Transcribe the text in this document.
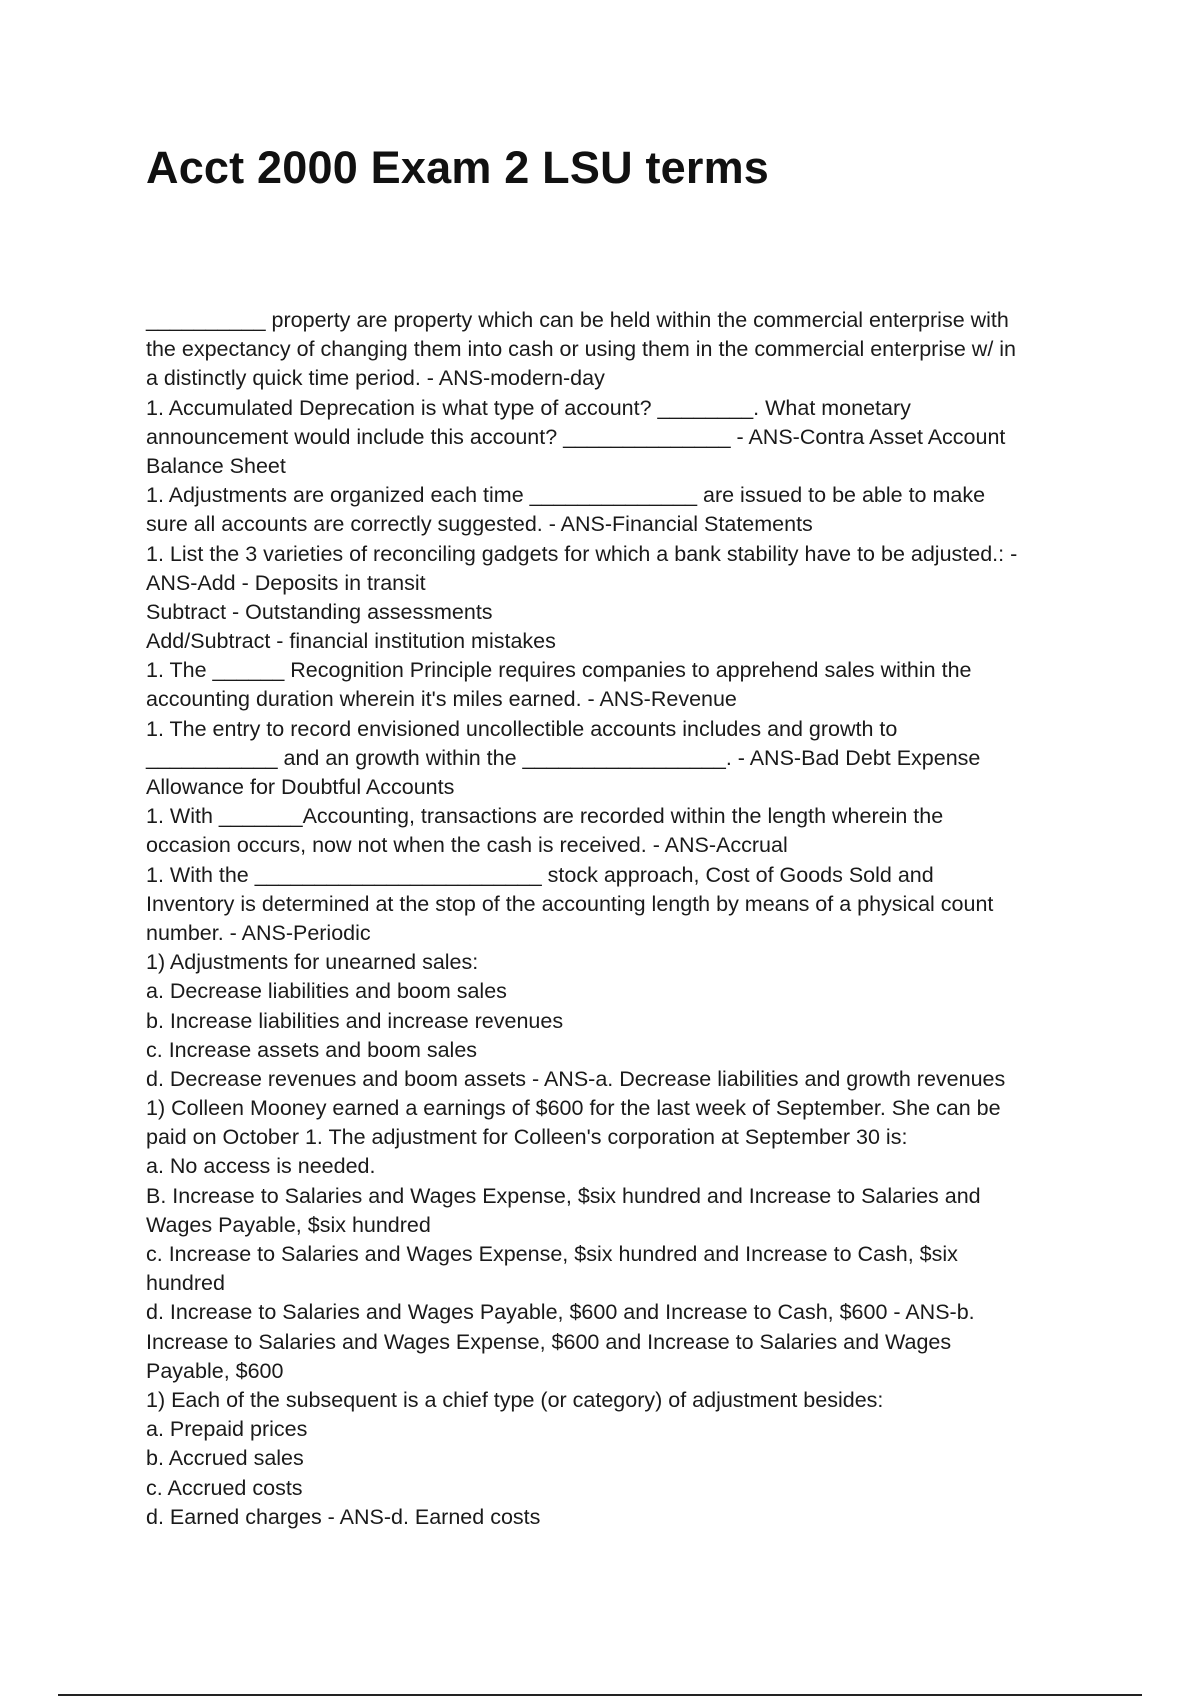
Acct 2000 Exam 2 LSU terms
__________ property are property which can be held within the commercial enterprise with
the expectancy of changing them into cash or using them in the commercial enterprise w/ in
a distinctly quick time period. - ANS-modern-day
1. Accumulated Deprecation is what type of account? ________. What monetary
announcement would include this account? ______________ - ANS-Contra Asset Account
Balance Sheet
1. Adjustments are organized each time ______________ are issued to be able to make
sure all accounts are correctly suggested. - ANS-Financial Statements
1. List the 3 varieties of reconciling gadgets for which a bank stability have to be adjusted.: -
ANS-Add - Deposits in transit
Subtract - Outstanding assessments
Add/Subtract - financial institution mistakes
1. The ______ Recognition Principle requires companies to apprehend sales within the
accounting duration wherein it's miles earned. - ANS-Revenue
1. The entry to record envisioned uncollectible accounts includes and growth to
___________ and an growth within the _________________. - ANS-Bad Debt Expense
Allowance for Doubtful Accounts
1. With _______Accounting, transactions are recorded within the length wherein the
occasion occurs, now not when the cash is received. - ANS-Accrual
1. With the ________________________ stock approach, Cost of Goods Sold and
Inventory is determined at the stop of the accounting length by means of a physical count
number. - ANS-Periodic
1) Adjustments for unearned sales:
a. Decrease liabilities and boom sales
b. Increase liabilities and increase revenues
c. Increase assets and boom sales
d. Decrease revenues and boom assets - ANS-a. Decrease liabilities and growth revenues
1) Colleen Mooney earned a earnings of $600 for the last week of September. She can be
paid on October 1. The adjustment for Colleen's corporation at September 30 is:
a. No access is needed.
B. Increase to Salaries and Wages Expense, $six hundred and Increase to Salaries and
Wages Payable, $six hundred
c. Increase to Salaries and Wages Expense, $six hundred and Increase to Cash, $six
hundred
d. Increase to Salaries and Wages Payable, $600 and Increase to Cash, $600 - ANS-b.
Increase to Salaries and Wages Expense, $600 and Increase to Salaries and Wages
Payable, $600
1) Each of the subsequent is a chief type (or category) of adjustment besides:
a. Prepaid prices
b. Accrued sales
c. Accrued costs
d. Earned charges - ANS-d. Earned costs
